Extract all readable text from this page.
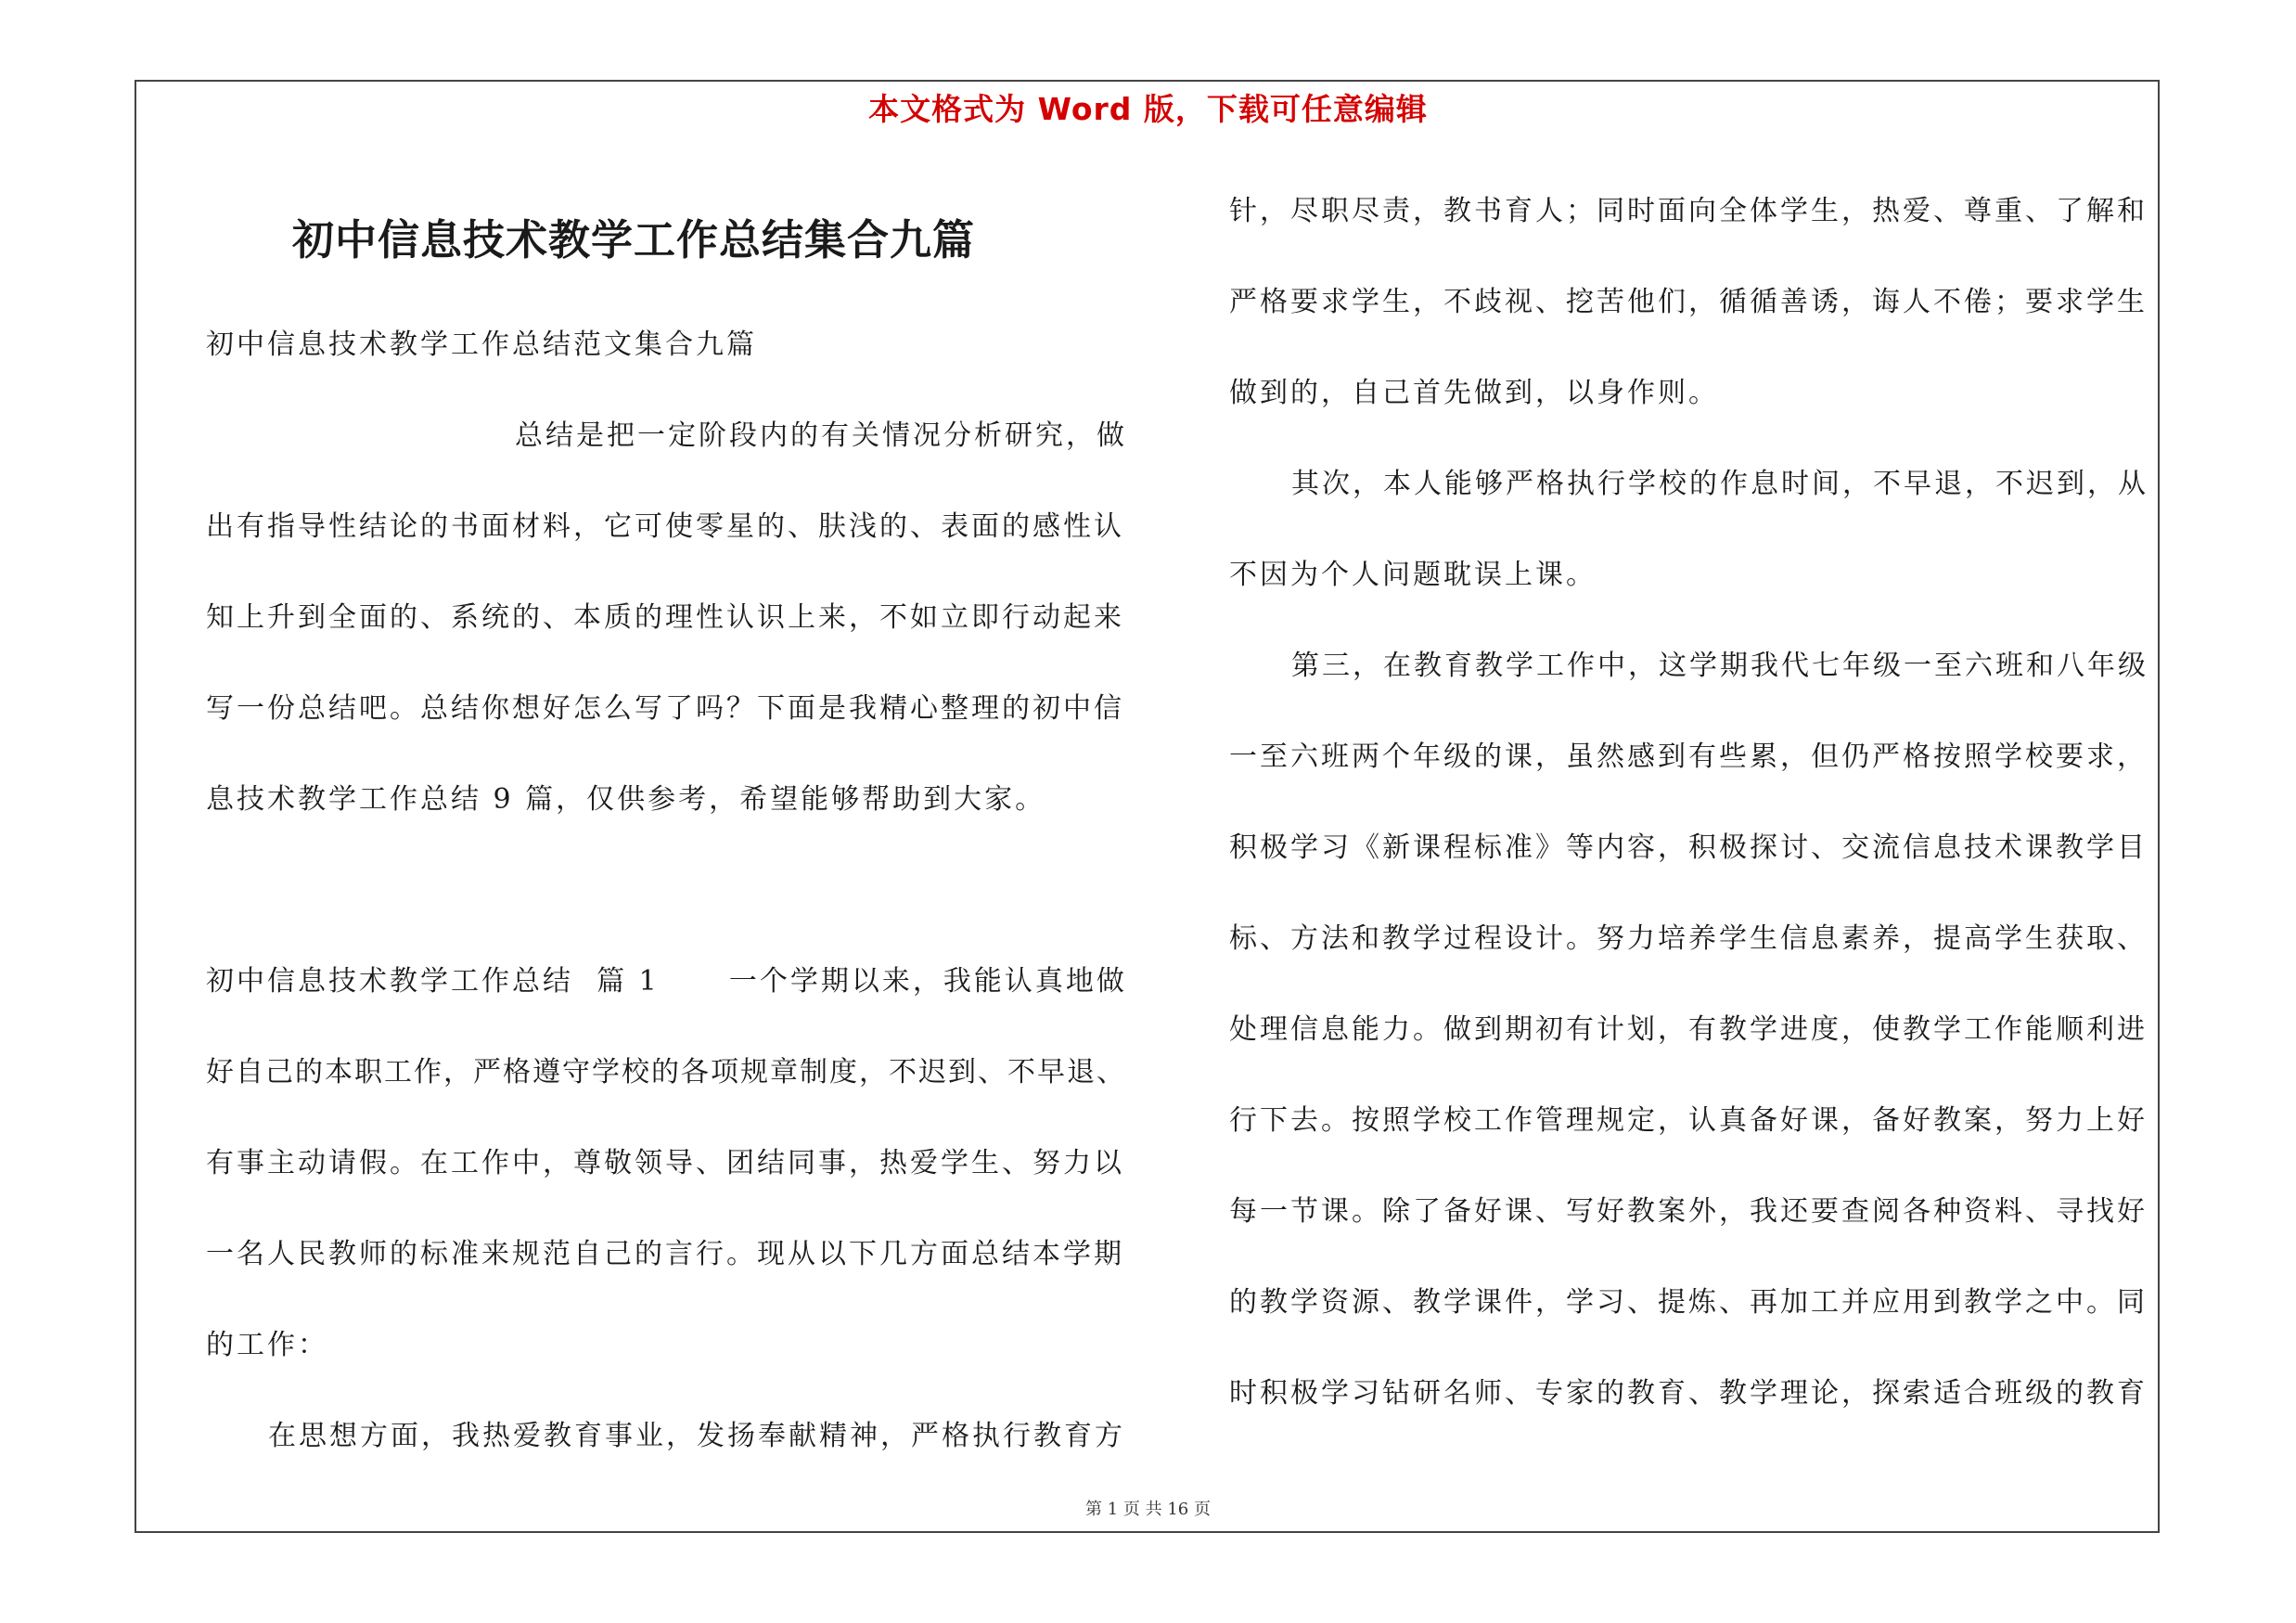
本文格式为 Word 版，下载可任意编辑
初中信息技术教学工作总结集合九篇
初中信息技术教学工作总结范文集合九篇
总结是把一定阶段内的有关情况分析研究，做
出有指导性结论的书面材料，它可使零星的、肤浅的、表面的感性认
知上升到全面的、系统的、本质的理性认识上来，不如立即行动起来
写一份总结吧。总结你想好怎么写了吗？下面是我精心整理的初中信
息技术教学工作总结 9 篇，仅供参考，希望能够帮助到大家。
初中信息技术教学工作总结  篇 1      一个学期以来，我能认真地做
好自己的本职工作，严格遵守学校的各项规章制度，不迟到、不早退、
有事主动请假。在工作中，尊敬领导、团结同事，热爱学生、努力以
一名人民教师的标准来规范自己的言行。现从以下几方面总结本学期
的工作：
在思想方面，我热爱教育事业，发扬奉献精神，严格执行教育方
针，尽职尽责，教书育人；同时面向全体学生，热爱、尊重、了解和
严格要求学生，不歧视、挖苦他们，循循善诱，诲人不倦；要求学生
做到的，自己首先做到，以身作则。
其次，本人能够严格执行学校的作息时间，不早退，不迟到，从
不因为个人问题耽误上课。
第三，在教育教学工作中，这学期我代七年级一至六班和八年级
一至六班两个年级的课，虽然感到有些累，但仍严格按照学校要求，
积极学习《新课程标准》等内容，积极探讨、交流信息技术课教学目
标、方法和教学过程设计。努力培养学生信息素养，提高学生获取、
处理信息能力。做到期初有计划，有教学进度，使教学工作能顺利进
行下去。按照学校工作管理规定，认真备好课，备好教案，努力上好
每一节课。除了备好课、写好教案外，我还要查阅各种资料、寻找好
的教学资源、教学课件，学习、提炼、再加工并应用到教学之中。同
时积极学习钻研名师、专家的教育、教学理论，探索适合班级的教育
第 1 页 共 16 页
